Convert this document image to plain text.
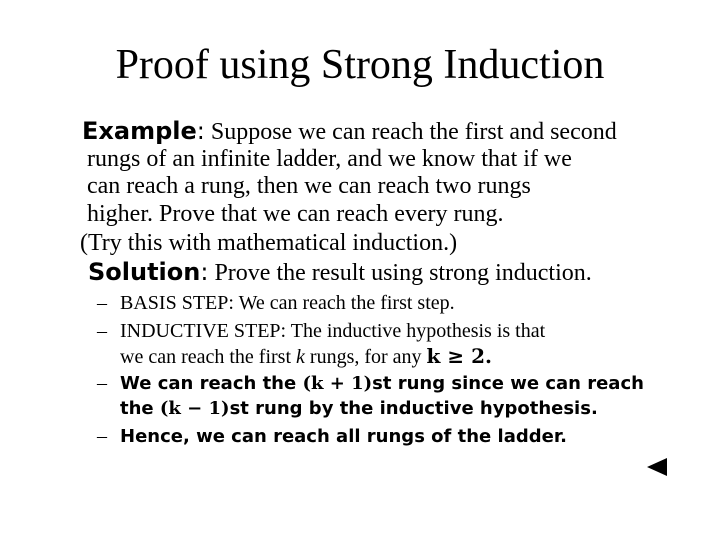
Proof using Strong Induction
Example: Suppose we can reach the first and second
rungs of an infinite ladder, and we know that if we
can reach a rung, then we can reach two rungs
higher. Prove that we can reach every rung.
(Try this with mathematical induction.)
Solution: Prove the result using strong induction.
– BASIS STEP: We can reach the first step.
– INDUCTIVE STEP: The inductive hypothesis is that
we can reach the first k rungs, for any k ≥ 2.
– We can reach the (k + 1)st rung since we can reach
the (k − 1)st rung by the inductive hypothesis.
– Hence, we can reach all rungs of the ladder.
